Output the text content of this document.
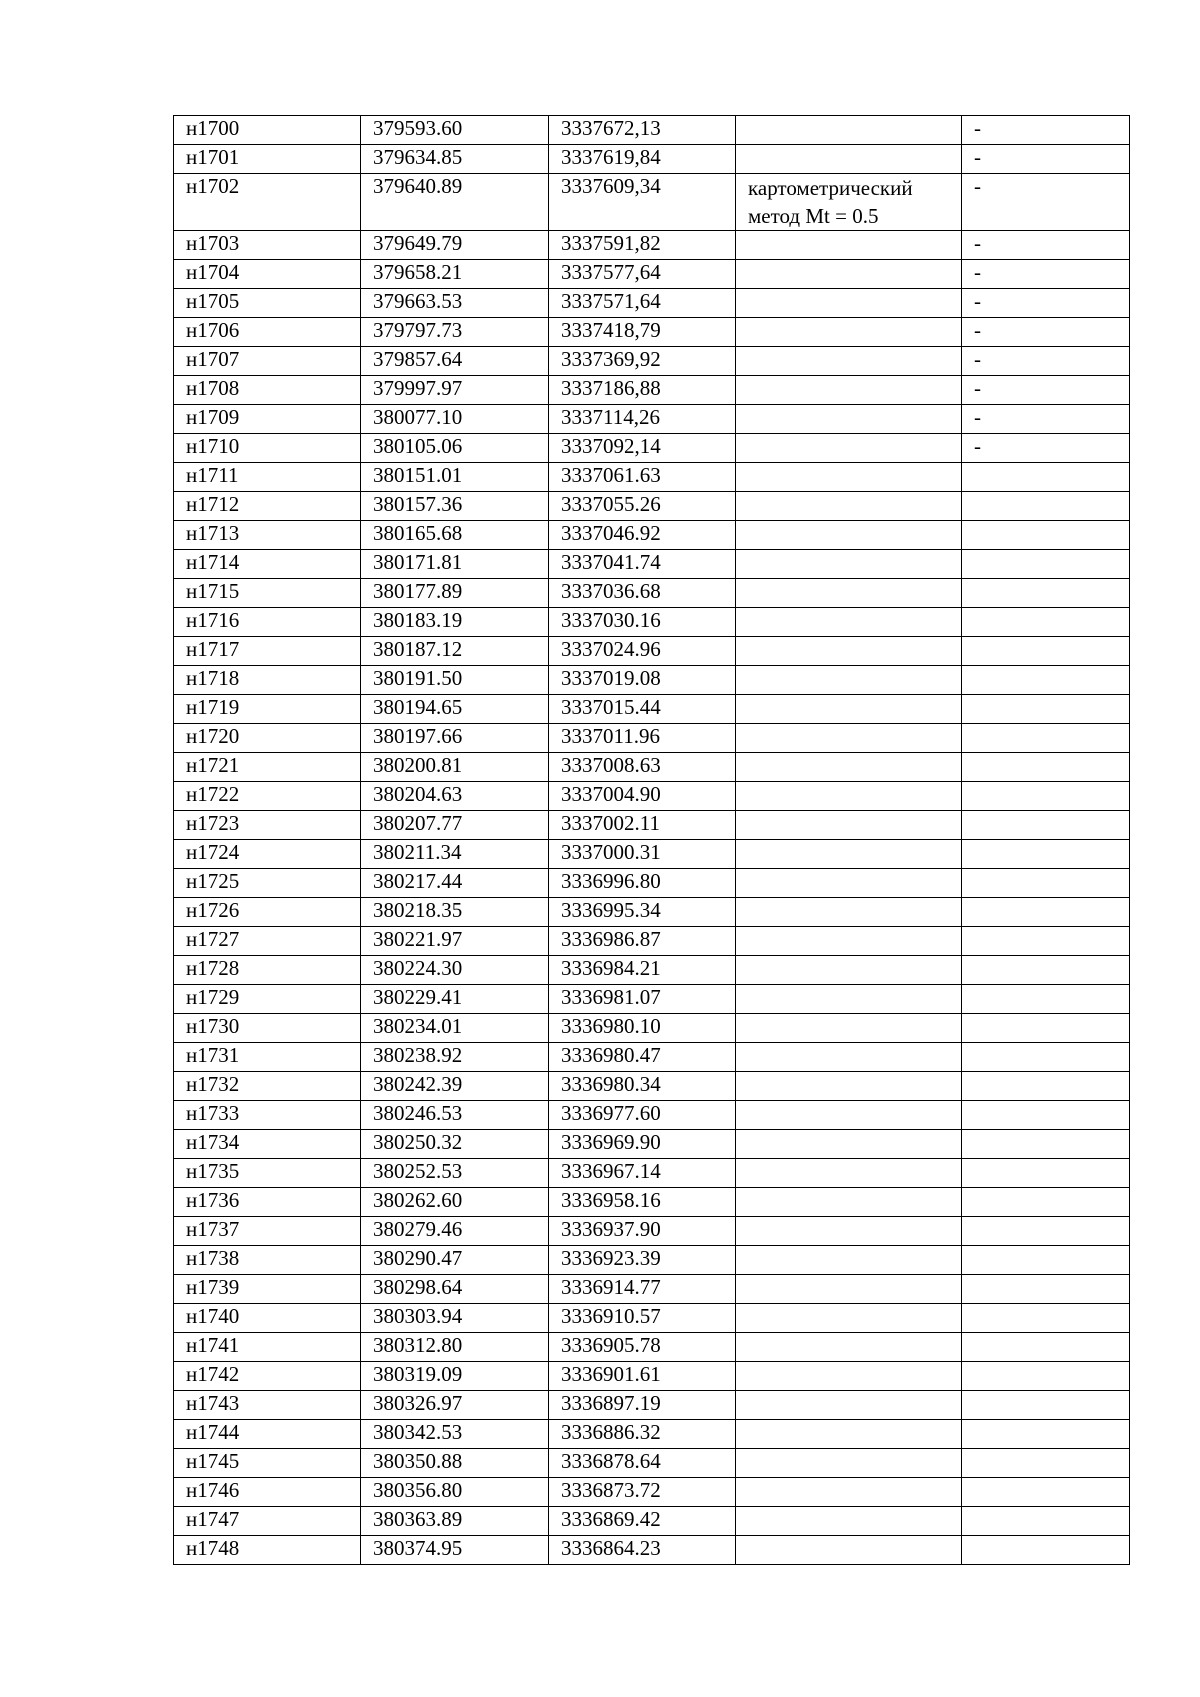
н1700	379593.60	3337672,13		-
н1701	379634.85	3337619,84		-
н1702	379640.89	3337609,34	картометрический метод Mt = 0.5	-
н1703	379649.79	3337591,82		-
н1704	379658.21	3337577,64		-
н1705	379663.53	3337571,64		-
н1706	379797.73	3337418,79		-
н1707	379857.64	3337369,92		-
н1708	379997.97	3337186,88		-
н1709	380077.10	3337114,26		-
н1710	380105.06	3337092,14		-
н1711	380151.01	3337061.63		
н1712	380157.36	3337055.26		
н1713	380165.68	3337046.92		
н1714	380171.81	3337041.74		
н1715	380177.89	3337036.68		
н1716	380183.19	3337030.16		
н1717	380187.12	3337024.96		
н1718	380191.50	3337019.08		
н1719	380194.65	3337015.44		
н1720	380197.66	3337011.96		
н1721	380200.81	3337008.63		
н1722	380204.63	3337004.90		
н1723	380207.77	3337002.11		
н1724	380211.34	3337000.31		
н1725	380217.44	3336996.80		
н1726	380218.35	3336995.34		
н1727	380221.97	3336986.87		
н1728	380224.30	3336984.21		
н1729	380229.41	3336981.07		
н1730	380234.01	3336980.10		
н1731	380238.92	3336980.47		
н1732	380242.39	3336980.34		
н1733	380246.53	3336977.60		
н1734	380250.32	3336969.90		
н1735	380252.53	3336967.14		
н1736	380262.60	3336958.16		
н1737	380279.46	3336937.90		
н1738	380290.47	3336923.39		
н1739	380298.64	3336914.77		
н1740	380303.94	3336910.57		
н1741	380312.80	3336905.78		
н1742	380319.09	3336901.61		
н1743	380326.97	3336897.19		
н1744	380342.53	3336886.32		
н1745	380350.88	3336878.64		
н1746	380356.80	3336873.72		
н1747	380363.89	3336869.42		
н1748	380374.95	3336864.23		
